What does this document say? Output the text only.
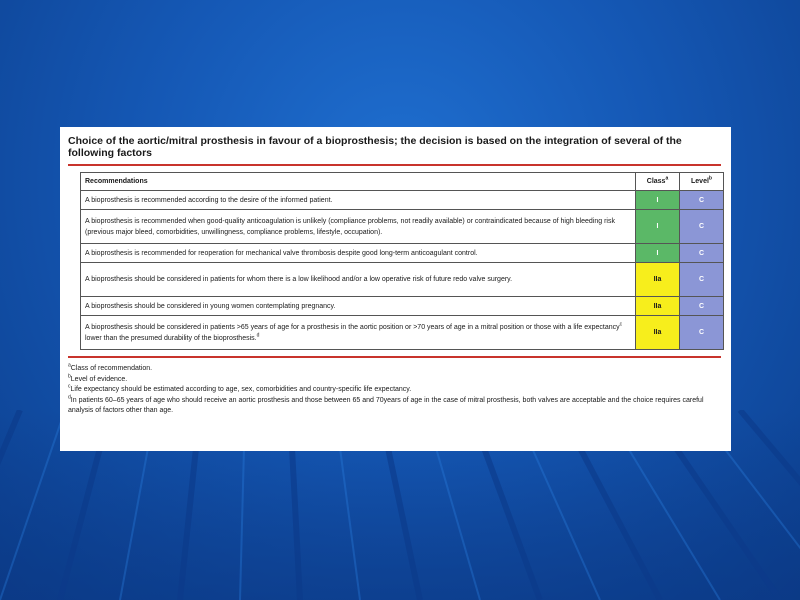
Choice of the aortic/mitral prosthesis in favour of a bioprosthesis; the decision is based on the integration of several of the following factors

Recommendations	Class$^a$	Level$^b$
A bioprosthesis is recommended according to the desire of the informed patient.	I	C
A bioprosthesis is recommended when good-quality anticoagulation is unlikely (compliance problems, not readily available) or contraindicated because of high bleeding risk (previous major bleed, comorbidities, unwillingness, compliance problems, lifestyle, occupation).	I	C
A bioprosthesis is recommended for reoperation for mechanical valve thrombosis despite good long-term anticoagulant control.	I	C
A bioprosthesis should be considered in patients for whom there is a low likelihood and/or a low operative risk of future redo valve surgery.	IIa	C
A bioprosthesis should be considered in young women contemplating pregnancy.	IIa	C
A bioprosthesis should be considered in patients >65 years of age for a prosthesis in the aortic position or >70 years of age in a mitral position or those with a life expectancy$^c$ lower than the presumed durability of the bioprosthesis.$^d$	IIa	C

$^a$Class of recommendation.

$^b$Level of evidence.

$^c$Life expectancy should be estimated according to age, sex, comorbidities and country-specific life expectancy.

$^d$In patients 60–65 years of age who should receive an aortic prosthesis and those between 65 and 70years of age in the case of mitral prosthesis, both valves are acceptable and the choice requires careful analysis of factors other than age.
